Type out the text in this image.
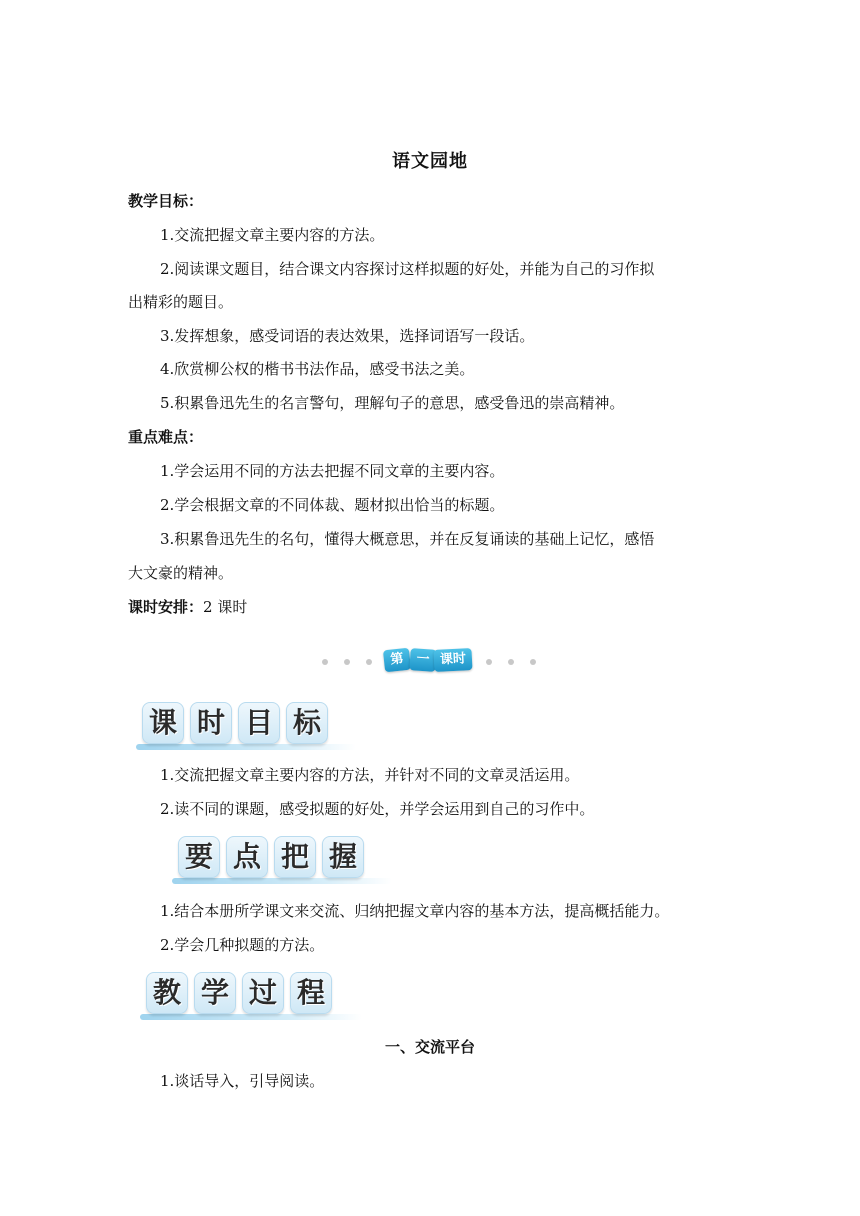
语文园地
教学目标：
1.交流把握文章主要内容的方法。
2.阅读课文题目，结合课文内容探讨这样拟题的好处，并能为自己的习作拟
出精彩的题目。
3.发挥想象，感受词语的表达效果，选择词语写一段话。
4.欣赏柳公权的楷书书法作品，感受书法之美。
5.积累鲁迅先生的名言警句，理解句子的意思，感受鲁迅的崇高精神。
重点难点：
1.学会运用不同的方法去把握不同文章的主要内容。
2.学会根据文章的不同体裁、题材拟出恰当的标题。
3.积累鲁迅先生的名句，懂得大概意思，并在反复诵读的基础上记忆，感悟
大文豪的精神。
课时安排：2 课时
第 一 课时
课 时 目 标
1.交流把握文章主要内容的方法，并针对不同的文章灵活运用。
2.读不同的课题，感受拟题的好处，并学会运用到自己的习作中。
要 点 把 握
1.结合本册所学课文来交流、归纳把握文章内容的基本方法，提高概括能力。
2.学会几种拟题的方法。
教 学 过 程
一、交流平台
1.谈话导入，引导阅读。
